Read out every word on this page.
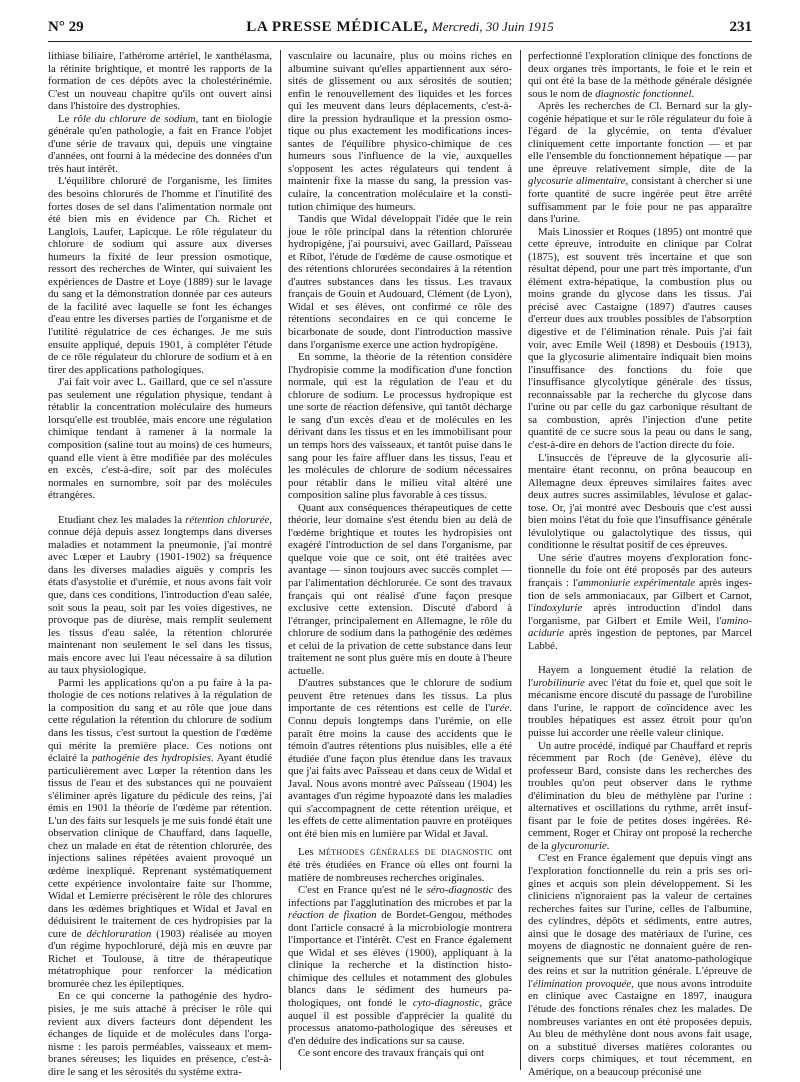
N° 29	LA PRESSE MÉDICALE, Mercredi, 30 Juin 1915	231

lithiase biliaire, l'athérome artériel, le xanthélasma, la rétinite brightique, et montré les rapports de la formation de ces dépôts avec la cholestérinémie. C'est un nouveau chapitre qu'ils ont ouvert ainsi dans l'histoire des dystrophies.

Le rôle du chlorure de sodium, tant en biologie générale qu'en pathologie, a fait en France l'objet d'une série de travaux qui, depuis une vingtaine d'années, ont fourni à la médecine des données d'un très haut intérêt.

L'équilibre chloruré de l'organisme, les limites des besoins chlorurés de l'homme et l'inutilité des fortes doses de sel dans l'alimentation normale ont été bien mis en évidence par Ch. Richet et Langlois, Laufer, Lapicque. Le rôle régulateur du chlorure de sodium qui assure aux diverses humeurs la fixité de leur pression osmotique, ressort des recherches de Winter, qui suivaient les expériences de Dastre et Loye (1889) sur le lavage du sang et la démonstration donnée par ces auteurs de la facilité avec laquelle se font les échanges d'eau entre les diverses parties de l'organisme et de l'utilité régulatrice de ces échanges. Je me suis ensuite appliqué, depuis 1901, à compléter l'étude de ce rôle régulateur du chlorure de sodium et à en tirer des applications pathologiques.

J'ai fait voir avec L. Gaillard, que ce sel n'assure pas seulement une régulation physique, tendant à rétablir la concentration moléculaire des humeurs lorsqu'elle est troublée, mais encore une régulation chimique tendant à ramener à la normale la composition (saline tout au moins) de ces humeurs, quand elle vient à être modifiée par des molécules en excès, c'est-à-dire, soit par des molécules normales en surnombre, soit par des molécules étrangères.

Etudiant chez les malades la rétention chlorurée, connue déjà depuis assez longtemps dans diverses maladies et notamment la pneumonie, j'ai montré avec Lœper et Laubry (1901-1902) sa fréquence dans les diverses maladies aiguës y compris les états d'asystolie et d'urémie, et nous avons fait voir que, dans ces conditions, l'introduction d'eau salée, soit sous la peau, soit par les voies digestives, ne provoque pas de diurèse, mais remplit seulement les tissus d'eau salée, la rétention chlorurée maintenant non seulement le sel dans les tissus, mais encore avec lui l'eau nécessaire à sa dilution au taux physiologique.

Parmi les applications qu'on a pu faire à la pathologie de ces notions relatives à la régulation de la composition du sang et au rôle que joue dans cette régulation la rétention du chlorure de sodium dans les tissus, c'est surtout la question de l'œdème qui mérite la première place. Ces notions ont éclairé la pathogénie des hydropisies. Ayant étudié particulièrement avec Lœper la rétention dans les tissus de l'eau et des substances qui ne pouvaient s'éliminer après ligature du pédicule des reins, j'ai émis en 1901 la théorie de l'œdème par rétention. L'un des faits sur lesquels je me suis fondé était une observation clinique de Chauffard, dans laquelle, chez un malade en état de rétention chlorurée, des injections salines répétées avaient provoqué un œdème inexpliqué. Reprenant systématiquement cette expérience involontaire faite sur l'homme, Widal et Lemierre précisèrent le rôle des chlorures dans les œdèmes brightiques et Widal et Javal en déduisirent le traitement de ces hydropisies par la cure de déchloruration (1903) réalisée au moyen d'un régime hypochloruré, déjà mis en œuvre par Richet et Toulouse, à titre de thérapeutique métatrophique pour renforcer la médication bromurée chez les épileptiques.

En ce qui concerne la pathogénie des hydropisies, je me suis attaché à préciser le rôle qui revient aux divers facteurs dont dépendent les échanges de liquide et de molécules dans l'organisme : les parois perméables, vaisseaux et membranes séreuses; les liquides en présence, c'est-à-dire le sang et les sérosités du système extra-

vasculaire ou lacunaire, plus ou moins riches en albumine suivant qu'elles appartiennent aux sérosités de glissement ou aux sérosités de soutien; enfin le renouvellement des liquides et les forces qui les meuvent dans leurs déplacements, c'est-à-dire la pression hydraulique et la pression osmotique ou plus exactement les modifications incessantes de l'équilibre physico-chimique de ces humeurs sous l'influence de la vie, auxquelles s'opposent les actes régulateurs qui tendent à maintenir fixe la masse du sang, la pression vasculaire, la concentration moléculaire et la constitution chimique des humeurs.

Tandis que Widal développait l'idée que le rein joue le rôle principal dans la rétention chlorurée hydropigène, j'ai poursuivi, avec Gaillard, Païsseau et Ribot, l'étude de l'œdème de cause osmotique et des rétentions chlorurées secondaires à la rétention d'autres substances dans les tissus. Les travaux français de Gouin et Audouard, Clément (de Lyon), Widal et ses élèves, ont confirmé ce rôle des rétentions secondaires en ce qui concerne le bicarbonate de soude, dont l'introduction massive dans l'organisme exerce une action hydropigène.

En somme, la théorie de la rétention considère l'hydropisie comme la modification d'une fonction normale, qui est la régulation de l'eau et du chlorure de sodium. Le processus hydropique est une sorte de réaction défensive, qui tantôt décharge le sang d'un excès d'eau et de molécules en les dérivant dans les tissus et en les immobilisant pour un temps hors des vaisseaux, et tantôt puise dans le sang pour les faire affluer dans les tissus, l'eau et les molécules de chlorure de sodium nécessaires pour rétablir dans le milieu vital altéré une composition saline plus favorable à ces tissus.

Quant aux conséquences thérapeutiques de cette théorie, leur domaine s'est étendu bien au delà de l'œdème brightique et toutes les hydropisies ont exagéré l'introduction de sel dans l'organisme, par quelque voie que ce soit, ont été traitées avec avantage — sinon toujours avec succès complet — par l'alimentation déchlorurée. Ce sont des travaux français qui ont réalisé d'une façon presque exclusive cette extension. Discuté d'abord à l'étranger, principalement en Allemagne, le rôle du chlorure de sodium dans la pathogénie des œdèmes et celui de la privation de cette substance dans leur traitement ne sont plus guère mis en doute à l'heure actuelle.

D'autres substances que le chlorure de sodium peuvent être retenues dans les tissus. La plus importante de ces rétentions est celle de l'urée. Connu depuis longtemps dans l'urémie, on elle paraît être moins la cause des accidents que le témoin d'autres rétentions plus nuisibles, elle a été étudiée d'une façon plus étendue dans les travaux que j'ai faits avec Païsseau et dans ceux de Widal et Javal. Nous avons montré avec Païsseau (1904) les avantages d'un régime hypoazoté dans les maladies qui s'accompagnent de cette rétention uréique, et les effets de cette alimentation pauvre en protéiques ont été bien mis en lumière par Widal et Javal.

Les méthodes générales de diagnostic ont été très étudiées en France où elles ont fourni la matière de nombreuses recherches originales.

C'est en France qu'est né le séro-diagnostic des infections par l'agglutination des microbes et par la réaction de fixation de Bordet-Gengou, méthodes dont l'article consacré à la microbiologie montrera l'importance et l'intérêt. C'est en France également que Widal et ses élèves (1900), appliquant à la clinique la recherche et la distinction histo-chimique des cellules et notamment des globules blancs dans le sédiment des humeurs pathologiques, ont fondé le cyto-diagnostic, grâce auquel il est possible d'apprécier la qualité du processus anatomo-pathologique des séreuses et d'en déduire des indications sur sa cause.

Ce sont encore des travaux français qui ont

perfectionné l'exploration clinique des fonctions de deux organes très importants, le foie et le rein et qui ont été la base de la méthode générale désignée sous le nom de diagnostic fonctionnel.

Après les recherches de Cl. Bernard sur la glycogénie hépatique et sur le rôle régulateur du foie à l'égard de la glycémie, on tenta d'évaluer cliniquement cette importante fonction — et par elle l'ensemble du fonctionnement hépatique — par une épreuve relativement simple, dite de la glycosurie alimentaire, consistant à chercher si une forte quantité de sucre ingérée peut être arrêté suffisamment par le foie pour ne pas apparaître dans l'urine.

Mais Linossier et Roques (1895) ont montré que cette épreuve, introduite en clinique par Colrat (1875), est souvent très incertaine et que son résultat dépend, pour une part très importante, d'un élément extra-hépatique, la combustion plus ou moins grande du glycose dans les tissus. J'ai précisé avec Castaigne (1897) d'autres causes d'erreur dues aux troubles possibles de l'absorption digestive et de l'élimination rénale. Puis j'ai fait voir, avec Emile Weil (1898) et Desbouis (1913), que la glycosurie alimentaire indiquait bien moins l'insuffisance des fonctions du foie que l'insuffisance glycolytique générale des tissus, reconnaissable par la recherche du glycose dans l'urine ou par celle du gaz carbonique résultant de sa combustion, après l'injection d'une petite quantité de ce sucre sous la peau ou dans le sang, c'est-à-dire en dehors de l'action directe du foie.

L'insuccès de l'épreuve de la glycosurie alimentaire étant reconnu, on prôna beaucoup en Allemagne deux épreuves similaires faites avec deux autres sucres assimilables, lévulose et galactose. Or, j'ai montré avec Desbouis que c'est aussi bien moins l'état du foie que l'insuffisance générale lévulolytique ou galactolytique des tissus, qui conditionne le résultat positif de ces épreuves.

Une série d'autres moyens d'exploration fonctionnelle du foie ont été proposés par des auteurs français : l'ammoniurie expérimentale après ingestion de sels ammoniacaux, par Gilbert et Carnot, l'indoxylurie après introduction d'indol dans l'organisme, par Gilbert et Emile Weil, l'aminoacidurie après ingestion de peptones, par Marcel Labbé.

Hayem a longuement étudié la relation de l'urobilinurie avec l'état du foie et, quel que soit le mécanisme encore discuté du passage de l'urobiline dans l'urine, le rapport de coïncidence avec les troubles hépatiques est assez étroit pour qu'on puisse lui accorder une réelle valeur clinique.

Un autre procédé, indiqué par Chauffard et repris récemment par Roch (de Genève), élève du professeur Bard, consiste dans les recherches des troubles qu'on peut observer dans le rythme d'élimination du bleu de méthylène par l'urine : alternatives et oscillations du rythme, arrêt insuffisant par le foie de petites doses ingérées. Récemment, Roger et Chiray ont proposé la recherche de la glycuronurie.

C'est en France également que depuis vingt ans l'exploration fonctionnelle du rein a pris ses origines et acquis son plein développement. Si les cliniciens n'ignoraient pas la valeur de certaines recherches faites sur l'urine, celles de l'albumine, des cylindres, dépôts et sédiments, entre autres, ainsi que le dosage des matériaux de l'urine, ces moyens de diagnostic ne donnaient guère de renseignements que sur l'état anatomo-pathologique des reins et sur la nutrition générale. L'épreuve de l'élimination provoquée, que nous avons introduite en clinique avec Castaigne en 1897, inaugura l'étude des fonctions rénales chez les malades. De nombreuses variantes en ont été proposées depuis. Au bleu de méthylène dont nous avons fait usage, on a substitué diverses matières colorantes ou divers corps chimiques, et tout récemment, en Amérique, on a beaucoup préconisé une
